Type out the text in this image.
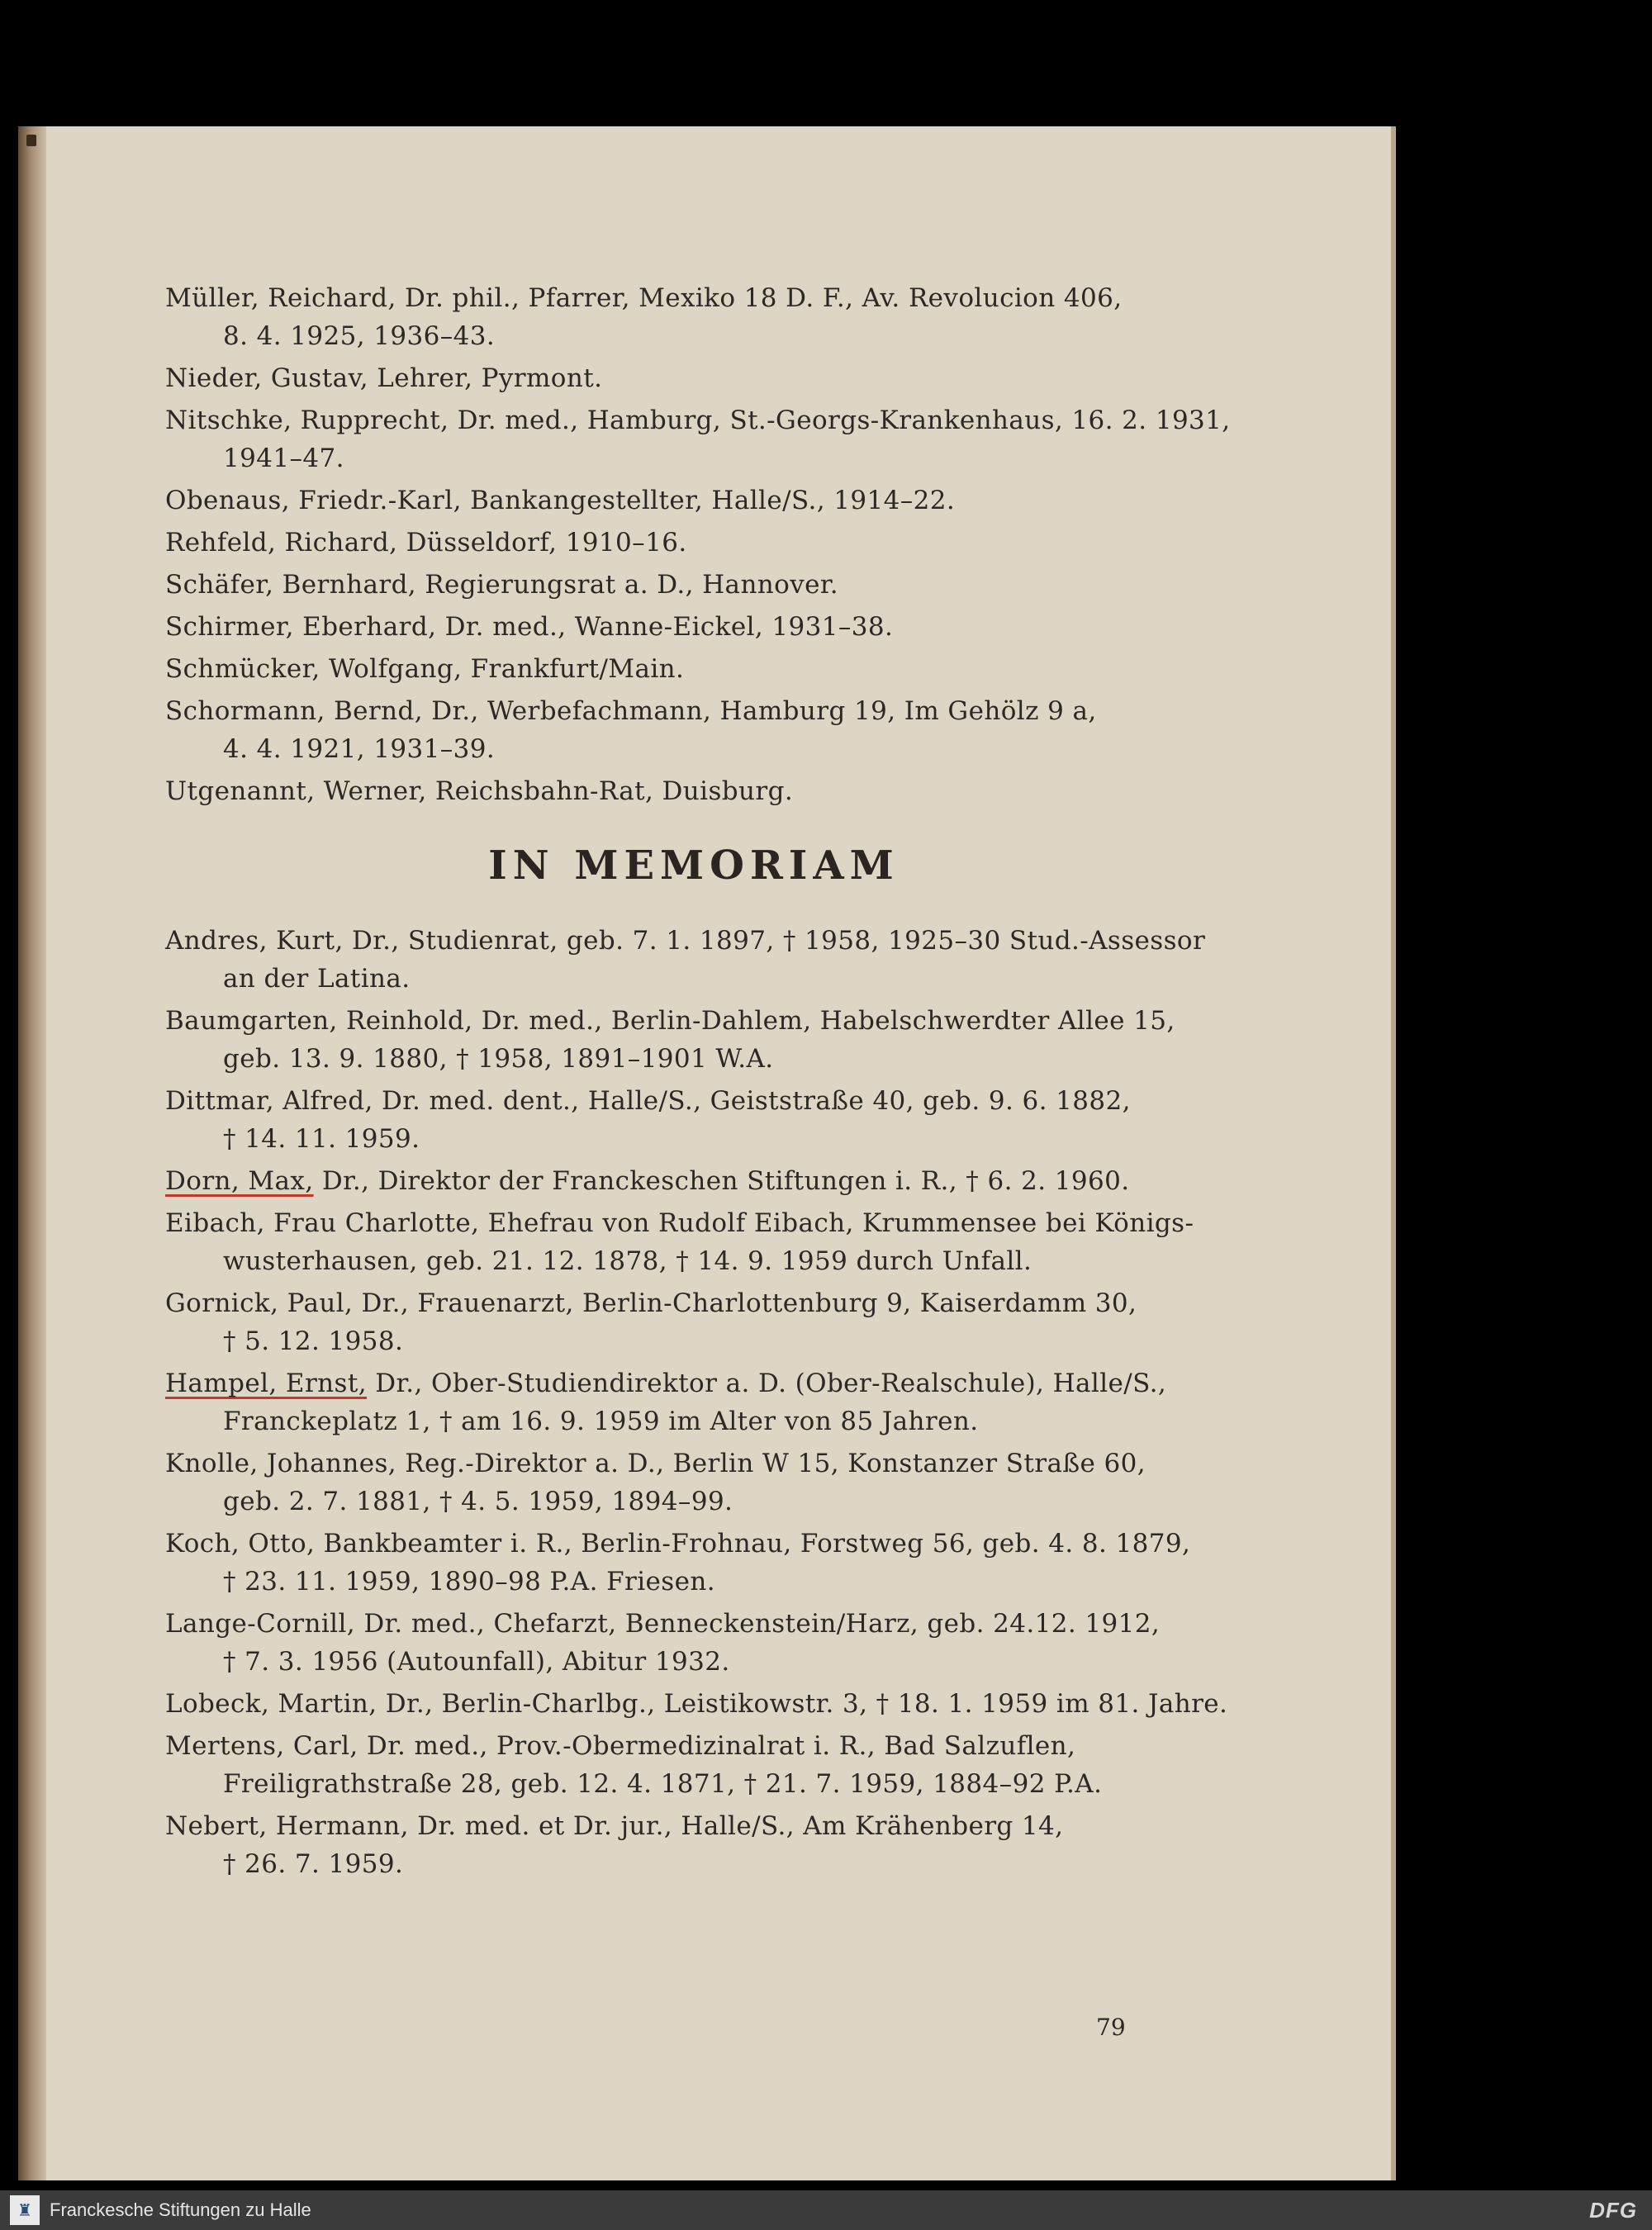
Müller, Reichard, Dr. phil., Pfarrer, Mexiko 18 D. F., Av. Revolucion 406,
8. 4. 1925, 1936–43.
Nieder, Gustav, Lehrer, Pyrmont.
Nitschke, Rupprecht, Dr. med., Hamburg, St.-Georgs-Krankenhaus, 16. 2. 1931,
1941–47.
Obenaus, Friedr.-Karl, Bankangestellter, Halle/S., 1914–22.
Rehfeld, Richard, Düsseldorf, 1910–16.
Schäfer, Bernhard, Regierungsrat a. D., Hannover.
Schirmer, Eberhard, Dr. med., Wanne-Eickel, 1931–38.
Schmücker, Wolfgang, Frankfurt/Main.
Schormann, Bernd, Dr., Werbefachmann, Hamburg 19, Im Gehölz 9 a,
4. 4. 1921, 1931–39.
Utgenannt, Werner, Reichsbahn-Rat, Duisburg.
IN MEMORIAM
Andres, Kurt, Dr., Studienrat, geb. 7. 1. 1897, † 1958, 1925–30 Stud.-Assessor
an der Latina.
Baumgarten, Reinhold, Dr. med., Berlin-Dahlem, Habelschwerdter Allee 15,
geb. 13. 9. 1880, † 1958, 1891–1901 W.A.
Dittmar, Alfred, Dr. med. dent., Halle/S., Geiststraße 40, geb. 9. 6. 1882,
† 14. 11. 1959.
Dorn, Max, Dr., Direktor der Franckeschen Stiftungen i. R., † 6. 2. 1960.
Eibach, Frau Charlotte, Ehefrau von Rudolf Eibach, Krummensee bei Königs-
wusterhausen, geb. 21. 12. 1878, † 14. 9. 1959 durch Unfall.
Gornick, Paul, Dr., Frauenarzt, Berlin-Charlottenburg 9, Kaiserdamm 30,
† 5. 12. 1958.
Hampel, Ernst, Dr., Ober-Studiendirektor a. D. (Ober-Realschule), Halle/S.,
Franckeplatz 1, † am 16. 9. 1959 im Alter von 85 Jahren.
Knolle, Johannes, Reg.-Direktor a. D., Berlin W 15, Konstanzer Straße 60,
geb. 2. 7. 1881, † 4. 5. 1959, 1894–99.
Koch, Otto, Bankbeamter i. R., Berlin-Frohnau, Forstweg 56, geb. 4. 8. 1879,
† 23. 11. 1959, 1890–98 P.A. Friesen.
Lange-Cornill, Dr. med., Chefarzt, Benneckenstein/Harz, geb. 24.12. 1912,
† 7. 3. 1956 (Autounfall), Abitur 1932.
Lobeck, Martin, Dr., Berlin-Charlbg., Leistikowstr. 3, † 18. 1. 1959 im 81. Jahre.
Mertens, Carl, Dr. med., Prov.-Obermedizinalrat i. R., Bad Salzuflen,
Freiligrathstraße 28, geb. 12. 4. 1871, † 21. 7. 1959, 1884–92 P.A.
Nebert, Hermann, Dr. med. et Dr. jur., Halle/S., Am Krähenberg 14,
† 26. 7. 1959.
79
♜ Franckesche Stiftungen zu Halle	DFG
